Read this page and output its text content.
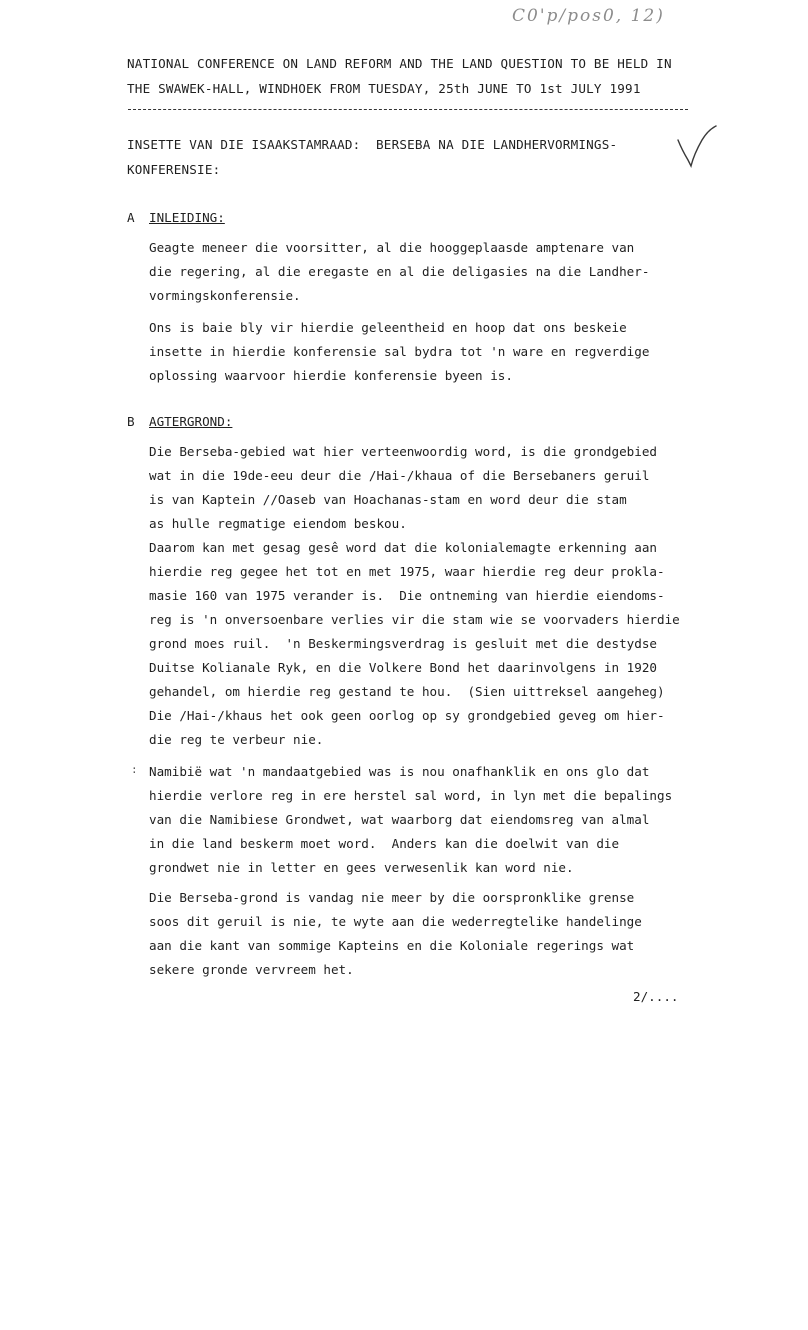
C0'p/pos0, 12)
NATIONAL CONFERENCE ON LAND REFORM AND THE LAND QUESTION TO BE HELD IN
THE SWAWEK-HALL, WINDHOEK FROM TUESDAY, 25th JUNE TO 1st JULY 1991
INSETTE VAN DIE ISAAKSTAMRAAD:  BERSEBA NA DIE LANDHERVORMINGS-
KONFERENSIE:
A INLEIDING:
Geagte meneer die voorsitter, al die hooggeplaasde amptenare van
die regering, al die eregaste en al die deligasies na die Landher-
vormingskonferensie.
Ons is baie bly vir hierdie geleentheid en hoop dat ons beskeie
insette in hierdie konferensie sal bydra tot 'n ware en regverdige
oplossing waarvoor hierdie konferensie byeen is.
B AGTERGROND:
Die Berseba-gebied wat hier verteenwoordig word, is die grondgebied
wat in die 19de-eeu deur die /Hai-/khaua of die Bersebaners geruil
is van Kaptein //Oaseb van Hoachanas-stam en word deur die stam
as hulle regmatige eiendom beskou.
Daarom kan met gesag gesê word dat die kolonialemagte erkenning aan
hierdie reg gegee het tot en met 1975, waar hierdie reg deur prokla-
masie 160 van 1975 verander is.  Die ontneming van hierdie eiendoms-
reg is 'n onversoenbare verlies vir die stam wie se voorvaders hierdie
grond moes ruil.  'n Beskermingsverdrag is gesluit met die destydse
Duitse Kolianale Ryk, en die Volkere Bond het daarinvolgens in 1920
gehandel, om hierdie reg gestand te hou.  (Sien uittreksel aangeheg)
Die /Hai-/khaus het ook geen oorlog op sy grondgebied geveg om hier-
die reg te verbeur nie.
: Namibië wat 'n mandaatgebied was is nou onafhanklik en ons glo dat
hierdie verlore reg in ere herstel sal word, in lyn met die bepalings
van die Namibiese Grondwet, wat waarborg dat eiendomsreg van almal
in die land beskerm moet word.  Anders kan die doelwit van die
grondwet nie in letter en gees verwesenlik kan word nie.
Die Berseba-grond is vandag nie meer by die oorspronklike grense
soos dit geruil is nie, te wyte aan die wederregtelike handelinge
aan die kant van sommige Kapteins en die Koloniale regerings wat
sekere gronde vervreem het.
2/....
